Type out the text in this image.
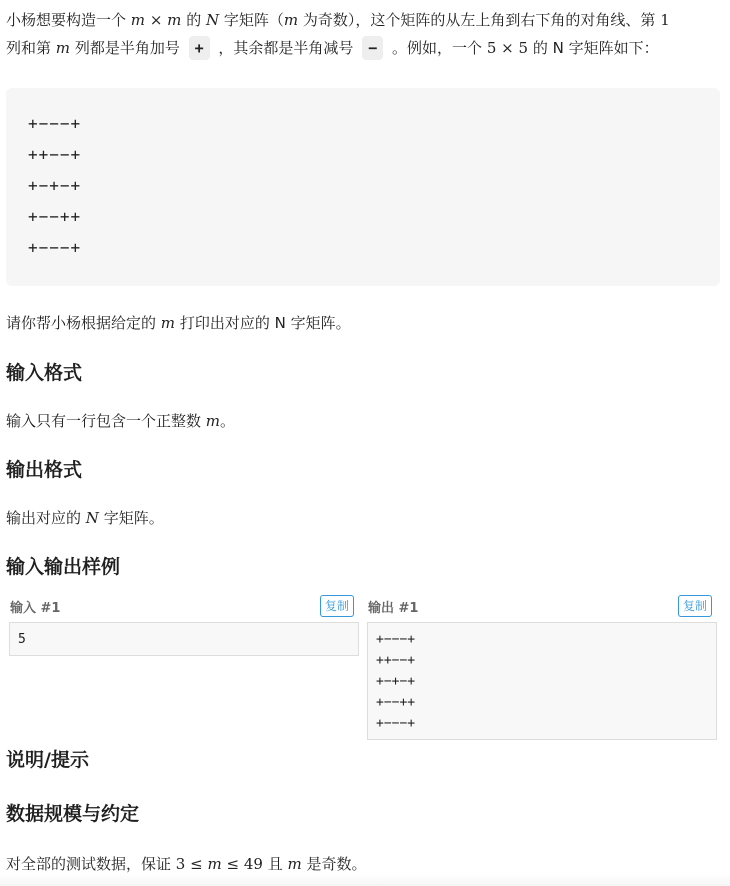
小杨想要构造一个 m × m 的 N 字矩阵（m 为奇数），这个矩阵的从左上角到右下角的对角线、第 1
列和第 m 列都是半角加号 + ，其余都是半角减号 − 。例如，一个 5 × 5 的 N 字矩阵如下：
+−−−+
++−−+
+−+−+
+−−++
+−−−+
请你帮小杨根据给定的 m 打印出对应的 N 字矩阵。
输入格式
输入只有一行包含一个正整数 m。
输出格式
输出对应的 N 字矩阵。
输入输出样例
输入 #1	复制
5
输出 #1	复制
+−−−+
++−−+
+−+−+
+−−++
+−−−+
说明/提示
数据规模与约定
对全部的测试数据，保证 3 ≤ m ≤ 49 且 m 是奇数。
